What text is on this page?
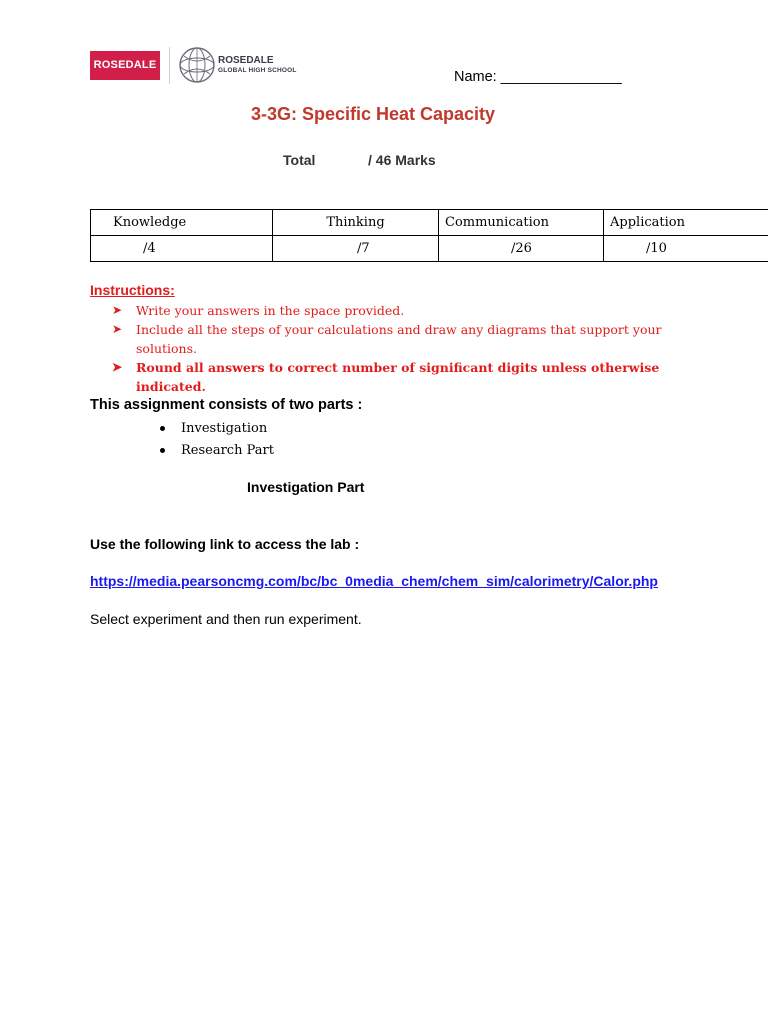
ROSEDALE	ROSEDALE
GLOBAL HIGH SCHOOL	Name: _______________
3-3G: Specific Heat Capacity
Total	/ 46 Marks
Knowledge	Thinking	Communication	Application
/4	/7	/26	/10
Instructions:
➤ Write your answers in the space provided.
➤ Include all the steps of your calculations and draw any diagrams that support your solutions.
➤ Round all answers to correct number of significant digits unless otherwise indicated.
This assignment consists of two parts :
Investigation
Research Part
Investigation Part
Use the following link to access the lab :
https://media.pearsoncmg.com/bc/bc_0media_chem/chem_sim/calorimetry/Calor.php
Select experiment and then run experiment.
